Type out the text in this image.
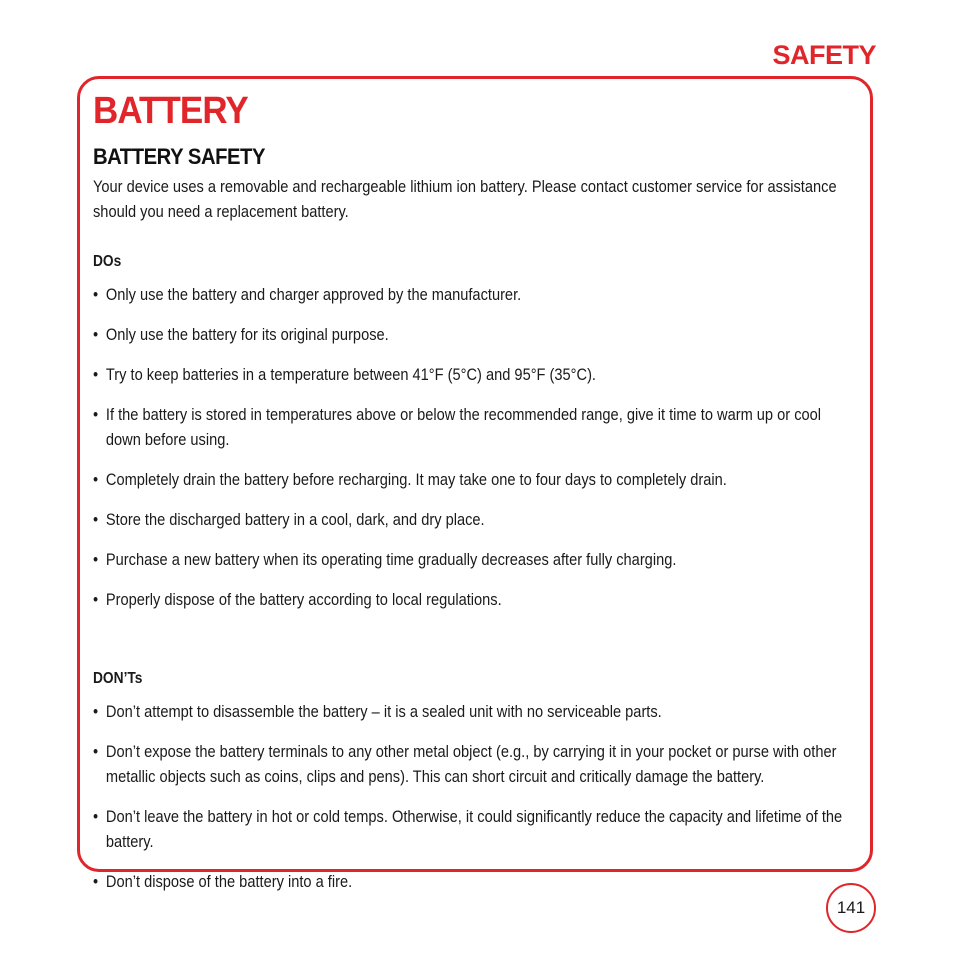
SAFETY
BATTERY
BATTERY SAFETY

Your device uses a removable and rechargeable lithium ion battery. Please contact customer service for assistance should you need a replacement battery.

DOs
• Only use the battery and charger approved by the manufacturer.
• Only use the battery for its original purpose.
• Try to keep batteries in a temperature between 41°F (5°C) and 95°F (35°C).
• If the battery is stored in temperatures above or below the recommended range, give it time to warm up or cool down before using.
• Completely drain the battery before recharging. It may take one to four days to completely drain.
• Store the discharged battery in a cool, dark, and dry place.
• Purchase a new battery when its operating time gradually decreases after fully charging.
• Properly dispose of the battery according to local regulations.
DON’Ts
• Don’t attempt to disassemble the battery – it is a sealed unit with no serviceable parts.
• Don’t expose the battery terminals to any other metal object (e.g., by carrying it in your pocket or purse with other metallic objects such as coins, clips and pens). This can short circuit and critically damage the battery.
• Don’t leave the battery in hot or cold temps. Otherwise, it could significantly reduce the capacity and lifetime of the battery.
• Don’t dispose of the battery into a fire.
141
